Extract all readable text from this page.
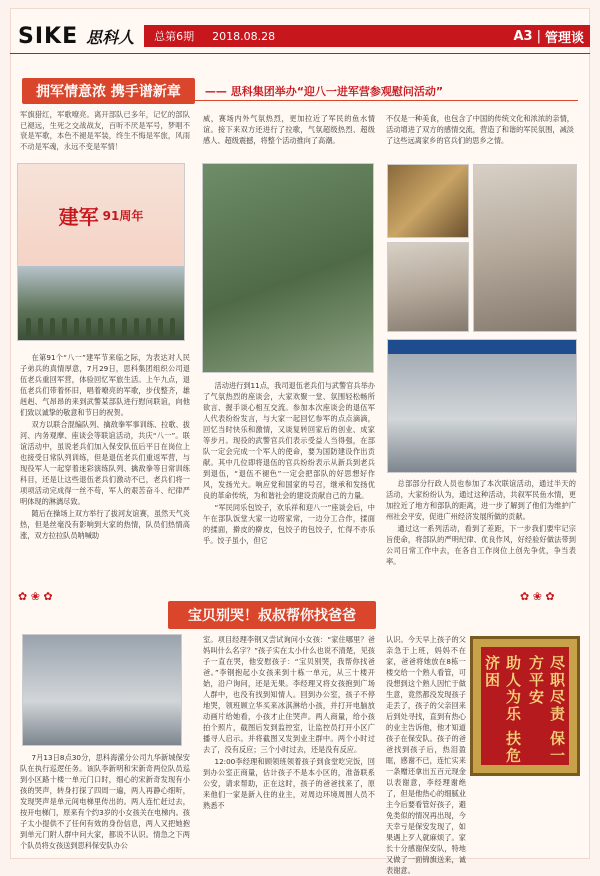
SIKE 思科人 总第6期 2018.08.28	A3 | 管理谈
拥军情意浓 携手谱新章	—— 思科集团举办“迎八一进军营参观慰问活动”
军旗猎红，军歌嘹亮。离开部队已多年，记忆的部队已褪远，生死之交战战友，百听不厌是军号，梦唱不衰是军歌，本色不褪是军装，终生不悔是军旅，风雨不动是军魂，永远不变是军情！
建军 91周年

在第91个“八一”建军节来临之际，为表达对人民子弟兵的真情厚意，7月29日，思科集团组织公司退伍老兵重回军营，体验回忆军旅生活。上午九点，退伍老兵们带着怀旧，唱着嘹亮的军歌，步伐整齐，雄赳赳、气昂昂的来到武警某部队进行慰问联谊，向他们致以诚挚的敬意和节日的祝贺。

双方以联合混编队列、擒敌拳军事训练、拉歌、拔河、内务观摩、座谈会等联谊活动，共庆“八一”。联谊活动中，虽说老兵们加入保安队伍后平日在岗位上也接受日常队列训练，但是退伍老兵们重返军营，与现役军人一起穿着迷彩演练队列、擒敌拳等日常训练科目，还是让这些退伍老兵们激动不已，老兵们将一项项活动完成得一丝不苟，军人的艰苦奋斗、纪律严明体现的淋漓尽致。

随后在操场上双方举行了拔河友谊赛，虽然天气炎热，但是丝毫没有影响到大家的热情，队员们热情高涨，双方拉拉队员呐喊助

威，赛场内外气氛热烈，更加拉近了军民的鱼水情谊。接下来双方还进行了拉歌，气氛超级热烈、超级感人、超级震撼，将整个活动推向了高潮。

活动进行到11点，我司退伍老兵们与武警官兵举办了气氛热烈的座谈会，大家欢聚一堂、氛围轻松畅所欲言、握手谈心相互交流。参加本次座谈会的退伍军人代表纷纷发言，与大家一起回忆参军的点点滴滴，回忆当时快乐和激情，又谈复转回家后的创业、成家等步月。现役的武警官兵们表示受益人当得强，在部队一定会完成一个军人的使命，要为国防建设作出贡献。其中几位即将退伍的官兵纷纷表示从新兵到老兵到退伍，“退伍不褪色”一定会把部队的好思想好作风，发扬光大。响应党和国家的号召，继承和发扬优良的革命传统，为和谐社会的建设贡献自己的力量。

“军民同乐包饺子，欢乐祥和迎八一”座谈会后，中午在部队饭堂大家一边唠家常，一边分工合作，揉面的揉面，擀皮的擀皮，包饺子的包饺子，忙得不亦乐乎。饺子虽小，但它

不仅是一种美食，也包含了中国的传统文化和浓浓的亲情，活动增进了双方的感情交流，营造了和谐的军民氛围，减淡了这些远离家乡的官兵们的思乡之情。

总部部分行政人员也参加了本次联谊活动，通过半天的活动，大家纷纷认为，通过这种活动，共叙军民鱼水情，更加拉近了地方和部队的距离，进一步了解到了他们为维护广州社会平安，促进广州经济发展所做的贡献。

通过这一系列活动，看到了差距，下一步我们要牢记宗旨使命，将部队的严明纪律、优良作风，好经验好做法带到公司日常工作中去，在各自工作岗位上创先争优，争当表率。

✿ ❀ ✿	✿ ❀ ✿
宝贝别哭！叔叔帮你找爸爸

7月13日8点30分，思科海潆分公司九华新城保安队在执行巡逻任务。该队李新明和宋新奇两位队员巡到小区路十楼一单元门口时，细心的宋新奇发现有小孩的哭声，转身打探了四周一遍，两人再静心细听，发现哭声是单元间电梯里传出的。两人连忙赶过去，按开电梯门，原来有个约3岁的小女孩关在电梯内。孩子太小提供不了任何有效的身份信息，两人又把她抱到单元门附人群中问大家，都说不认识。情急之下两个队员将女孩送到思科保安队办公

室。项目经理李钢又尝试询问小女孩：“家住哪里？爸妈叫什么名字？”孩子实在太小什么也说不清楚，见孩子一直在哭，他安慰孩子：“宝贝别哭，我帮你找爸爸。”李钢抱起小女孩来到十栋一单元，从三十楼开始，沿户询问，还是无果。李经理又将女孩抱到广场人群中，也没有找到知情人。回到办公室，孩子不停地哭，领班顾立华买来冰淇淋给小孩，并打开电脑放动画片给她看，小孩才止住哭声。两人商量，给小孩拍个照片，截图后发到监控室，让监控员打开小区广播寻人启示。并将截图又发到业主群中。两个小时过去了，没有反应；三个小时过去，还是没有反应。

12:00李经理和顾领班领着孩子到食堂吃完饭，回到办公室正商量，估计孩子不是本小区的，准备联系公安，请求帮助，正在这时，孩子的爸爸找来了，原来他们一家是新入住的业主，对周边环境周围人员不熟悉不

认识。今天早上孩子的父亲急于上班，妈妈不在家，爸爸将她放在8栋一楼交给一个熟人看管，可没想到这个熟人因忙于做生意，竟然都没发现孩子走丢了，孩子的父亲回来后到处寻找，直到有热心的业主告诉他，他才知道孩子在保安队。孩子的爸爸找到孩子后，热泪盈眶，感谢不已，连忙实来一条赠还拿出五百元现金以表谢意，李经理谢绝了，但是他热心的细腻业主今后要看管好孩子，避免类似的情况再出现，今天幸亏是保安发现了，如果遇上歹人就麻烦了。家长十分感谢保安队，特地又做了一面锦旗送来，诚表谢意。

助人为乐 扶危济困	尽职尽责 保一方平安
